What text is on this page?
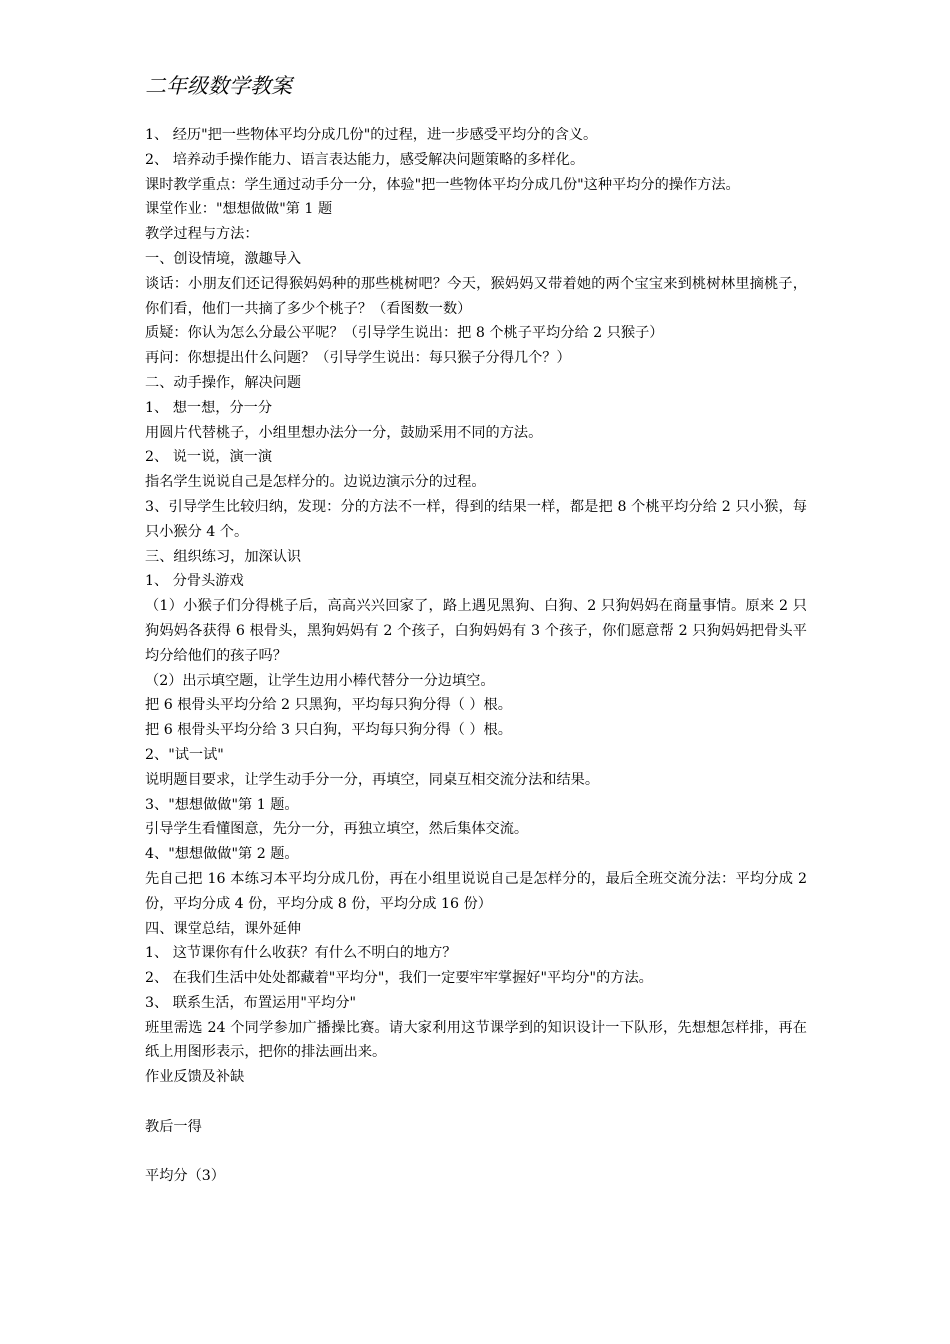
二年级数学教案

1、 经历"把一些物体平均分成几份"的过程，进一步感受平均分的含义。

2、 培养动手操作能力、语言表达能力，感受解决问题策略的多样化。

课时教学重点：学生通过动手分一分，体验"把一些物体平均分成几份"这种平均分的操作方法。

课堂作业："想想做做"第 1 题

教学过程与方法：

一、创设情境，激趣导入

谈话：小朋友们还记得猴妈妈种的那些桃树吧？今天，猴妈妈又带着她的两个宝宝来到桃树林里摘桃子，你们看，他们一共摘了多少个桃子？（看图数一数）

质疑：你认为怎么分最公平呢？（引导学生说出：把 8 个桃子平均分给 2 只猴子）

再问：你想提出什么问题？（引导学生说出：每只猴子分得几个？）

二、动手操作，解决问题

1、 想一想，分一分

用圆片代替桃子，小组里想办法分一分，鼓励采用不同的方法。

2、 说一说，演一演

指名学生说说自己是怎样分的。边说边演示分的过程。

3、引导学生比较归纳，发现：分的方法不一样，得到的结果一样，都是把 8 个桃平均分给 2 只小猴，每只小猴分 4 个。

三、组织练习，加深认识

1、 分骨头游戏

（1）小猴子们分得桃子后，高高兴兴回家了，路上遇见黑狗、白狗、2 只狗妈妈在商量事情。原来 2 只狗妈妈各获得 6 根骨头，黑狗妈妈有 2 个孩子，白狗妈妈有 3 个孩子，你们愿意帮 2 只狗妈妈把骨头平均分给他们的孩子吗？

（2）出示填空题，让学生边用小棒代替分一分边填空。

把 6 根骨头平均分给 2 只黑狗，平均每只狗分得（ ）根。

把 6 根骨头平均分给 3 只白狗，平均每只狗分得（ ）根。

2、"试一试"

说明题目要求，让学生动手分一分，再填空，同桌互相交流分法和结果。

3、"想想做做"第 1 题。

引导学生看懂图意，先分一分，再独立填空，然后集体交流。

4、"想想做做"第 2 题。

先自己把 16 本练习本平均分成几份，再在小组里说说自己是怎样分的，最后全班交流分法：平均分成 2 份，平均分成 4 份，平均分成 8 份，平均分成 16 份）

四、课堂总结，课外延伸

1、 这节课你有什么收获？有什么不明白的地方？

2、 在我们生活中处处都藏着"平均分"，我们一定要牢牢掌握好"平均分"的方法。

3、 联系生活，布置运用"平均分"

班里需选 24 个同学参加广播操比赛。请大家利用这节课学到的知识设计一下队形，先想想怎样排，再在纸上用图形表示，把你的排法画出来。

作业反馈及补缺

教后一得

平均分（3）
